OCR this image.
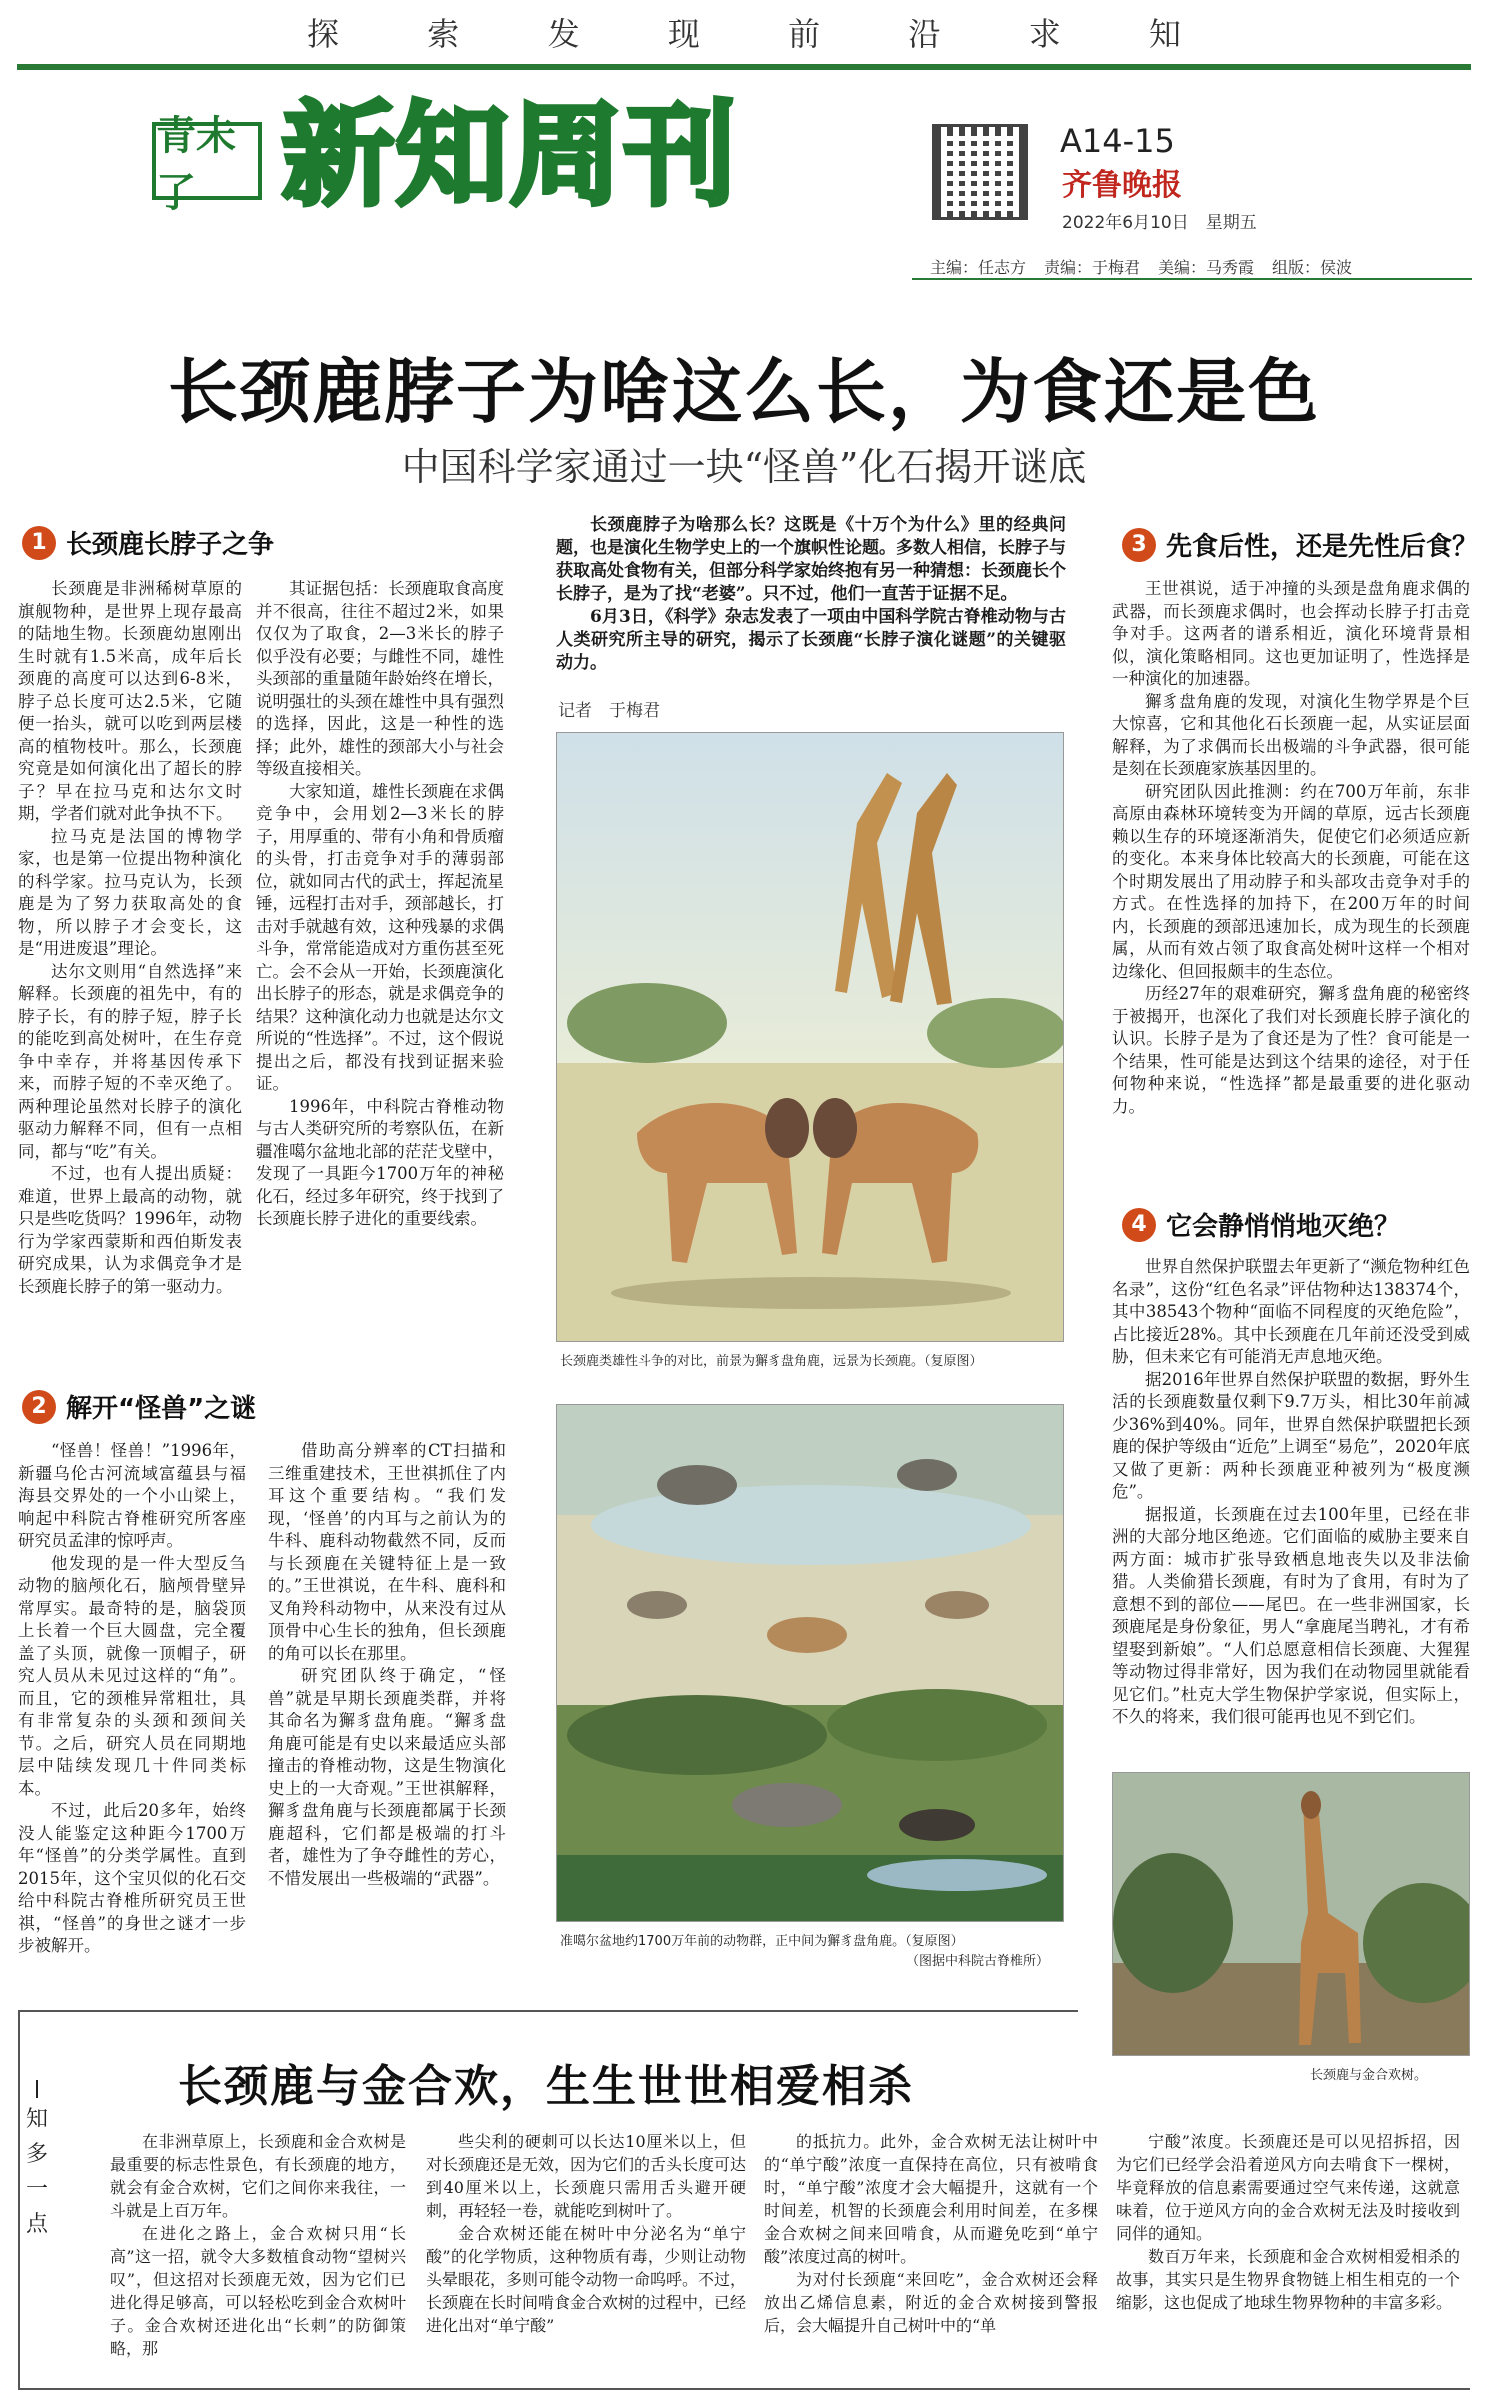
探	索	发	现	前	沿	求	知
青未了 新知周刊	A14-15
齐鲁晚报
2022年6月10日　星期五
主编：任志方 责编：于梅君 美编：马秀霞 组版：侯波
长颈鹿脖子为啥这么长，为食还是色
中国科学家通过一块“怪兽”化石揭开谜底
1 长颈鹿长脖子之争

长颈鹿是非洲稀树草原的旗舰物种，是世界上现存最高的陆地生物。长颈鹿幼崽刚出生时就有1.5米高，成年后长颈鹿的高度可以达到6-8米，脖子总长度可达2.5米，它随便一抬头，就可以吃到两层楼高的植物枝叶。那么，长颈鹿究竟是如何演化出了超长的脖子？早在拉马克和达尔文时期，学者们就对此争执不下。

拉马克是法国的博物学家，也是第一位提出物种演化的科学家。拉马克认为，长颈鹿是为了努力获取高处的食物，所以脖子才会变长，这是“用进废退”理论。

达尔文则用“自然选择”来解释。长颈鹿的祖先中，有的脖子长，有的脖子短，脖子长的能吃到高处树叶，在生存竞争中幸存，并将基因传承下来，而脖子短的不幸灭绝了。两种理论虽然对长脖子的演化驱动力解释不同，但有一点相同，都与“吃”有关。

不过，也有人提出质疑：难道，世界上最高的动物，就只是些吃货吗？1996年，动物行为学家西蒙斯和西伯斯发表研究成果，认为求偶竞争才是长颈鹿长脖子的第一驱动力。

其证据包括：长颈鹿取食高度并不很高，往往不超过2米，如果仅仅为了取食，2—3米长的脖子似乎没有必要；与雌性不同，雄性头颈部的重量随年龄始终在增长，说明强壮的头颈在雄性中具有强烈的选择，因此，这是一种性的选择；此外，雄性的颈部大小与社会等级直接相关。

大家知道，雄性长颈鹿在求偶竞争中，会用划2—3米长的脖子，用厚重的、带有小角和骨质瘤的头骨，打击竞争对手的薄弱部位，就如同古代的武士，挥起流星锤，远程打击对手，颈部越长，打击对手就越有效，这种残暴的求偶斗争，常常能造成对方重伤甚至死亡。会不会从一开始，长颈鹿演化出长脖子的形态，就是求偶竞争的结果？这种演化动力也就是达尔文所说的“性选择”。不过，这个假说提出之后，都没有找到证据来验证。

1996年，中科院古脊椎动物与古人类研究所的考察队伍，在新疆准噶尔盆地北部的茫茫戈壁中，发现了一具距今1700万年的神秘化石，经过多年研究，终于找到了长颈鹿长脖子进化的重要线索。

2 解开“怪兽”之谜

“怪兽！怪兽！”1996年，新疆乌伦古河流域富蕴县与福海县交界处的一个小山梁上，响起中科院古脊椎研究所客座研究员孟津的惊呼声。

他发现的是一件大型反刍动物的脑颅化石，脑颅骨壁异常厚实。最奇特的是，脑袋顶上长着一个巨大圆盘，完全覆盖了头顶，就像一顶帽子，研究人员从未见过这样的“角”。而且，它的颈椎异常粗壮，具有非常复杂的头颈和颈间关节。之后，研究人员在同期地层中陆续发现几十件同类标本。

不过，此后20多年，始终没人能鉴定这种距今1700万年“怪兽”的分类学属性。直到2015年，这个宝贝似的化石交给中科院古脊椎所研究员王世祺，“怪兽”的身世之谜才一步步被解开。

借助高分辨率的CT扫描和三维重建技术，王世祺抓住了内耳这个重要结构。“我们发现，‘怪兽’的内耳与之前认为的牛科、鹿科动物截然不同，反而与长颈鹿在关键特征上是一致的。”王世祺说，在牛科、鹿科和叉角羚科动物中，从来没有过从顶骨中心生长的独角，但长颈鹿的角可以长在那里。

研究团队终于确定，“怪兽”就是早期长颈鹿类群，并将其命名为獬豸盘角鹿。“獬豸盘角鹿可能是有史以来最适应头部撞击的脊椎动物，这是生物演化史上的一大奇观。”王世祺解释，獬豸盘角鹿与长颈鹿都属于长颈鹿超科，它们都是极端的打斗者，雄性为了争夺雌性的芳心，不惜发展出一些极端的“武器”。

长颈鹿脖子为啥那么长？这既是《十万个为什么》里的经典问题，也是演化生物学史上的一个旗帜性论题。多数人相信，长脖子与获取高处食物有关，但部分科学家始终抱有另一种猜想：长颈鹿长个长脖子，是为了找“老婆”。只不过，他们一直苦于证据不足。

6月3日，《科学》杂志发表了一项由中国科学院古脊椎动物与古人类研究所主导的研究，揭示了长颈鹿“长脖子演化谜题”的关键驱动力。

记者　于梅君
长颈鹿类雄性斗争的对比，前景为獬豸盘角鹿，远景为长颈鹿。（复原图）
准噶尔盆地约1700万年前的动物群，正中间为獬豸盘角鹿。（复原图）
（图据中科院古脊椎所）
3 先食后性，还是先性后食？

王世祺说，适于冲撞的头颈是盘角鹿求偶的武器，而长颈鹿求偶时，也会挥动长脖子打击竞争对手。这两者的谱系相近，演化环境背景相似，演化策略相同。这也更加证明了，性选择是一种演化的加速器。

獬豸盘角鹿的发现，对演化生物学界是个巨大惊喜，它和其他化石长颈鹿一起，从实证层面解释，为了求偶而长出极端的斗争武器，很可能是刻在长颈鹿家族基因里的。

研究团队因此推测：约在700万年前，东非高原由森林环境转变为开阔的草原，远古长颈鹿赖以生存的环境逐渐消失，促使它们必须适应新的变化。本来身体比较高大的长颈鹿，可能在这个时期发展出了用动脖子和头部攻击竞争对手的方式。在性选择的加持下，在200万年的时间内，长颈鹿的颈部迅速加长，成为现生的长颈鹿属，从而有效占领了取食高处树叶这样一个相对边缘化、但回报颇丰的生态位。

历经27年的艰难研究，獬豸盘角鹿的秘密终于被揭开，也深化了我们对长颈鹿长脖子演化的认识。长脖子是为了食还是为了性？食可能是一个结果，性可能是达到这个结果的途径，对于任何物种来说，“性选择”都是最重要的进化驱动力。

4 它会静悄悄地灭绝？

世界自然保护联盟去年更新了“濒危物种红色名录”，这份“红色名录”评估物种达138374个，其中38543个物种“面临不同程度的灭绝危险”，占比接近28%。其中长颈鹿在几年前还没受到威胁，但未来它有可能消无声息地灭绝。

据2016年世界自然保护联盟的数据，野外生活的长颈鹿数量仅剩下9.7万头，相比30年前减少36%到40%。同年，世界自然保护联盟把长颈鹿的保护等级由“近危”上调至“易危”，2020年底又做了更新：两种长颈鹿亚种被列为“极度濒危”。

据报道，长颈鹿在过去100年里，已经在非洲的大部分地区绝迹。它们面临的威胁主要来自两方面：城市扩张导致栖息地丧失以及非法偷猎。人类偷猎长颈鹿，有时为了食用，有时为了意想不到的部位——尾巴。在一些非洲国家，长颈鹿尾是身份象征，男人“拿鹿尾当聘礼，才有希望娶到新娘”。“人们总愿意相信长颈鹿、大猩猩等动物过得非常好，因为我们在动物园里就能看见它们。”杜克大学生物保护学家说，但实际上，不久的将来，我们很可能再也见不到它们。

长颈鹿与金合欢树。
知
多
一
点
长颈鹿与金合欢，生生世世相爱相杀

在非洲草原上，长颈鹿和金合欢树是最重要的标志性景色，有长颈鹿的地方，就会有金合欢树，它们之间你来我往，一斗就是上百万年。

在进化之路上，金合欢树只用“长高”这一招，就令大多数植食动物“望树兴叹”，但这招对长颈鹿无效，因为它们已进化得足够高，可以轻松吃到金合欢树叶子。金合欢树还进化出“长刺”的防御策略，那

些尖利的硬刺可以长达10厘米以上，但对长颈鹿还是无效，因为它们的舌头长度可达到40厘米以上，长颈鹿只需用舌头避开硬刺，再轻轻一卷，就能吃到树叶了。

金合欢树还能在树叶中分泌名为“单宁酸”的化学物质，这种物质有毒，少则让动物头晕眼花，多则可能令动物一命呜呼。不过，长颈鹿在长时间啃食金合欢树的过程中，已经进化出对“单宁酸”

的抵抗力。此外，金合欢树无法让树叶中的“单宁酸”浓度一直保持在高位，只有被啃食时，“单宁酸”浓度才会大幅提升，这就有一个时间差，机智的长颈鹿会利用时间差，在多棵金合欢树之间来回啃食，从而避免吃到“单宁酸”浓度过高的树叶。

为对付长颈鹿“来回吃”，金合欢树还会释放出乙烯信息素，附近的金合欢树接到警报后，会大幅提升自己树叶中的“单

宁酸”浓度。长颈鹿还是可以见招拆招，因为它们已经学会沿着逆风方向去啃食下一棵树，毕竟释放的信息素需要通过空气来传递，这就意味着，位于逆风方向的金合欢树无法及时接收到同伴的通知。

数百万年来，长颈鹿和金合欢树相爱相杀的故事，其实只是生物界食物链上相生相克的一个缩影，这也促成了地球生物界物种的丰富多彩。
